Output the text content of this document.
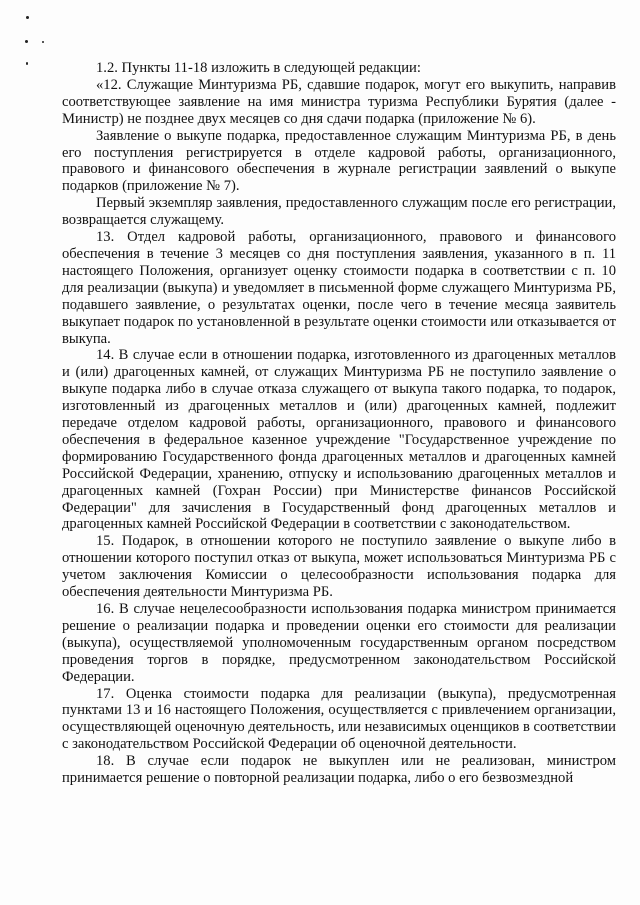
1.2. Пункты 11-18 изложить в следующей редакции:

«12. Служащие Минтуризма РБ, сдавшие подарок, могут его выкупить, направив соответствующее заявление на имя министра туризма Республики Бурятия (далее - Министр) не позднее двух месяцев со дня сдачи подарка (приложение № 6).

Заявление о выкупе подарка, предоставленное служащим Минтуризма РБ, в день его поступления регистрируется в отделе кадровой работы, организационного, правового и финансового обеспечения в журнале регистрации заявлений о выкупе подарков (приложение № 7).

Первый экземпляр заявления, предоставленного служащим после его регистрации, возвращается служащему.

13. Отдел кадровой работы, организационного, правового и финансового обеспечения в течение 3 месяцев со дня поступления заявления, указанного в п. 11 настоящего Положения, организует оценку стоимости подарка в соответствии с п. 10 для реализации (выкупа) и уведомляет в письменной форме служащего Минтуризма РБ, подавшего заявление, о результатах оценки, после чего в течение месяца заявитель выкупает подарок по установленной в результате оценки стоимости или отказывается от выкупа.

14. В случае если в отношении подарка, изготовленного из драгоценных металлов и (или) драгоценных камней, от служащих Минтуризма РБ не поступило заявление о выкупе подарка либо в случае отказа служащего от выкупа такого подарка, то подарок, изготовленный из драгоценных металлов и (или) драгоценных камней, подлежит передаче отделом кадровой работы, организационного, правового и финансового обеспечения в федеральное казенное учреждение "Государственное учреждение по формированию Государственного фонда драгоценных металлов и драгоценных камней Российской Федерации, хранению, отпуску и использованию драгоценных металлов и драгоценных камней (Гохран России) при Министерстве финансов Российской Федерации" для зачисления в Государственный фонд драгоценных металлов и драгоценных камней Российской Федерации в соответствии с законодательством.

15. Подарок, в отношении которого не поступило заявление о выкупе либо в отношении которого поступил отказ от выкупа, может использоваться Минтуризма РБ с учетом заключения Комиссии о целесообразности использования подарка для обеспечения деятельности Минтуризма РБ.

16. В случае нецелесообразности использования подарка министром принимается решение о реализации подарка и проведении оценки его стоимости для реализации (выкупа), осуществляемой уполномоченным государственным органом посредством проведения торгов в порядке, предусмотренном законодательством Российской Федерации.

17. Оценка стоимости подарка для реализации (выкупа), предусмотренная пунктами 13 и 16 настоящего Положения, осуществляется с привлечением организации, осуществляющей оценочную деятельность, или независимых оценщиков в соответствии с законодательством Российской Федерации об оценочной деятельности.

18. В случае если подарок не выкуплен или не реализован, министром принимается решение о повторной реализации подарка, либо о его безвозмездной
